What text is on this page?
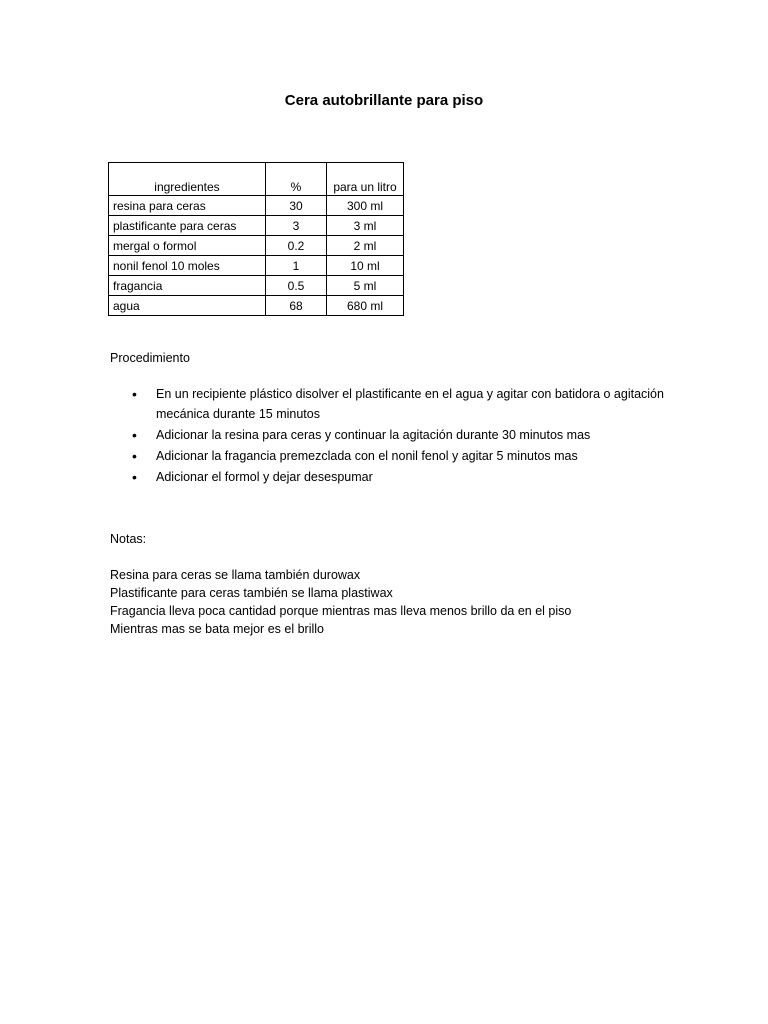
Cera autobrillante para piso
ingredientes	%	para un litro
resina para ceras	30	300 ml
plastificante para ceras	3	3 ml
mergal o formol	0.2	2 ml
nonil fenol 10 moles	1	10 ml
fragancia	0.5	5 ml
agua	68	680 ml
Procedimiento
• En un recipiente plástico disolver el plastificante en el agua y agitar con batidora o agitación mecánica durante 15 minutos
• Adicionar la resina para ceras y continuar la agitación durante 30 minutos mas
• Adicionar la fragancia premezclada con el nonil fenol y agitar 5 minutos mas
• Adicionar el formol y dejar desespumar
Notas:

Resina para ceras se llama también durowax

Plastificante para ceras también se llama plastiwax

Fragancia lleva poca cantidad porque mientras mas lleva menos brillo da en el piso

Mientras mas se bata mejor es el brillo
